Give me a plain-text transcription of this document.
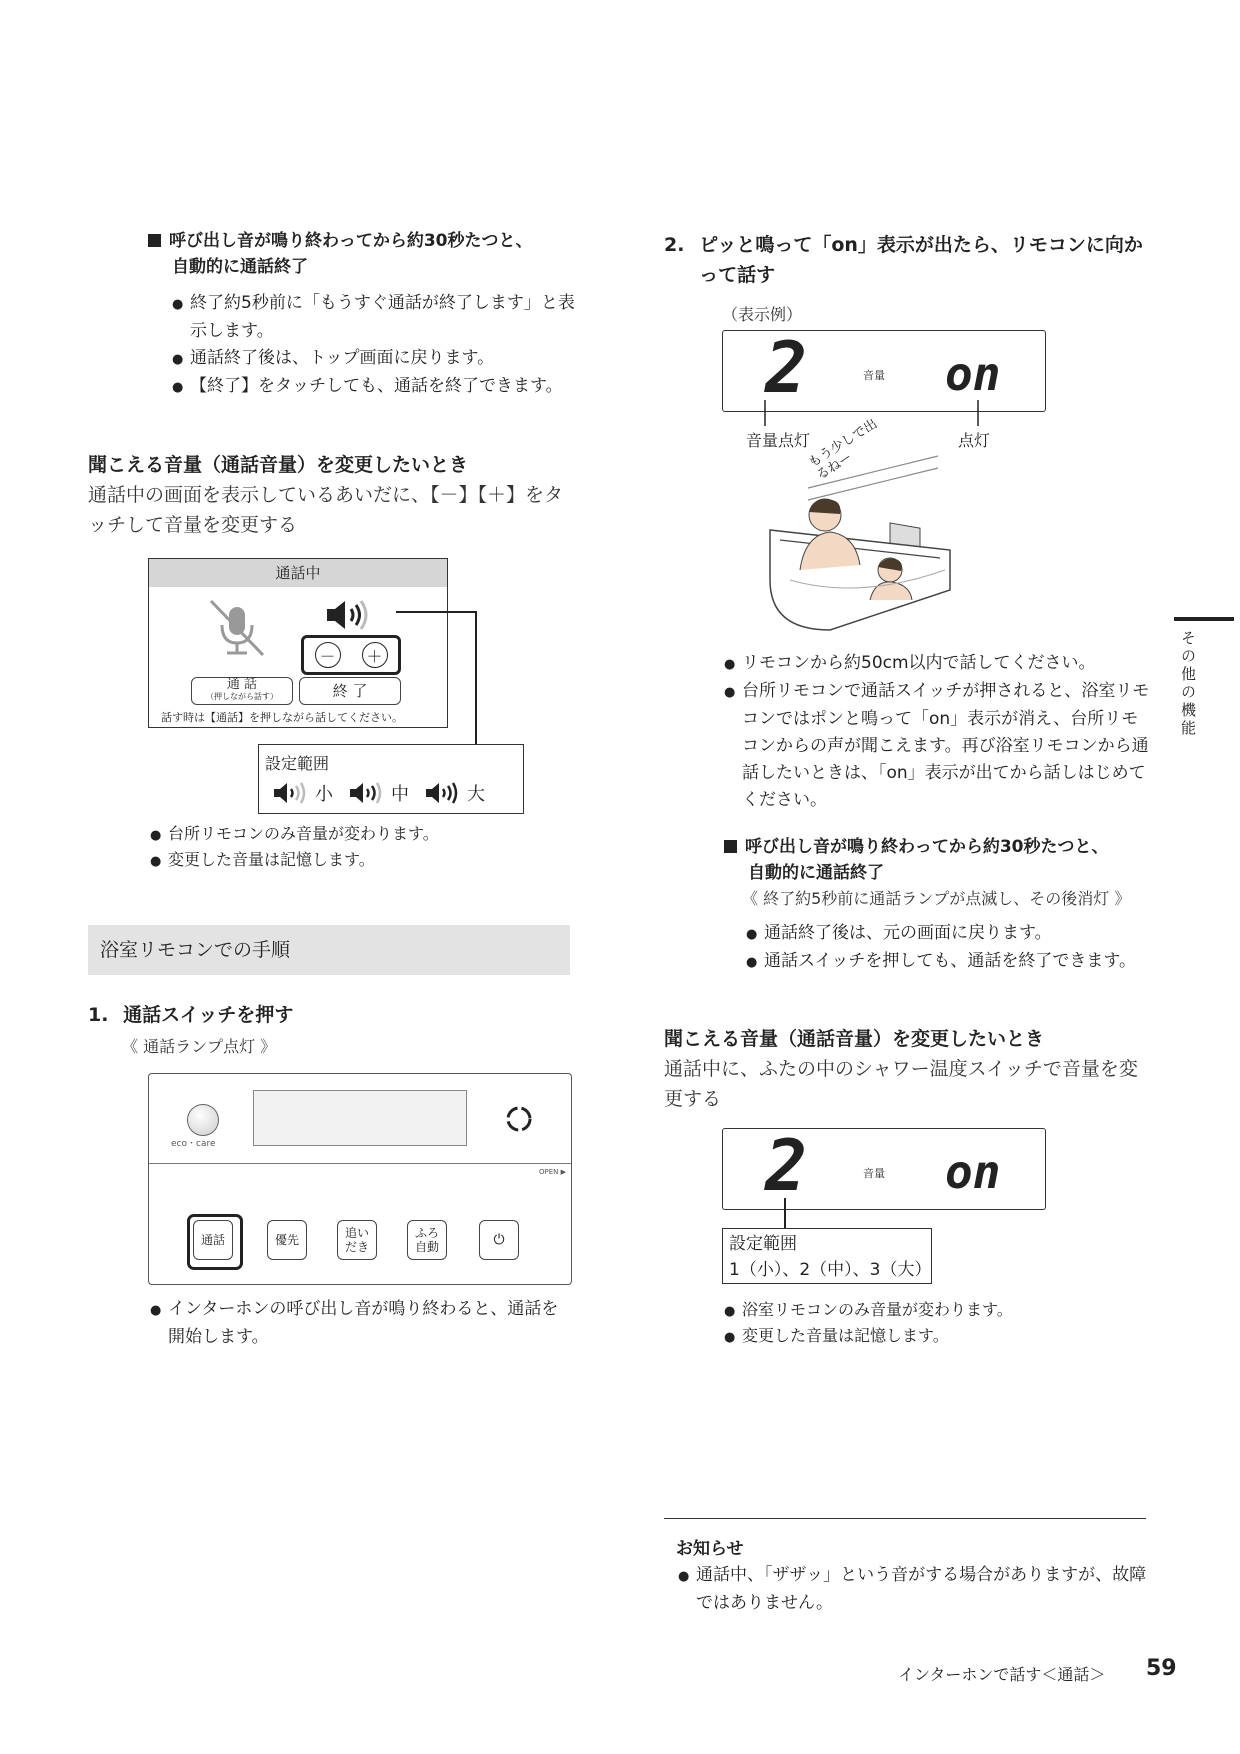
呼び出し音が鳴り終わってから約30秒たつと、
自動的に通話終了
● 終了約5秒前に「もうすぐ通話が終了します」と表示します。
● 通話終了後は、トップ画面に戻ります。
● 【終了】をタッチしても、通話を終了できます。
聞こえる音量（通話音量）を変更したいとき
通話中の画面を表示しているあいだに、【－】【＋】をタッチして音量を変更する
通話中
－	＋
通 話
（押しながら話す）	終 了
話す時は【通話】を押しながら話してください。
設定範囲
小	中	大
● 台所リモコンのみ音量が変わります。
● 変更した音量は記憶します。
浴室リモコンでの手順
1. 通話スイッチを押す
《 通話ランプ点灯 》
eco・care
OPEN ▶
通話	優先	追い
だき
ふろ
自動	⏻
● インターホンの呼び出し音が鳴り終わると、通話を開始します。
2. ピッと鳴って「on」表示が出たら、リモコンに向かって話す
（表示例）
2	音量 on
音量点灯	点灯
もう少しで出るねー
● リモコンから約50cm以内で話してください。
● 台所リモコンで通話スイッチが押されると、浴室リモコンではポンと鳴って「on」表示が消え、台所リモコンからの声が聞こえます。再び浴室リモコンから通話したいときは、「on」表示が出てから話しはじめてください。
呼び出し音が鳴り終わってから約30秒たつと、
自動的に通話終了
《 終了約5秒前に通話ランプが点滅し、その後消灯 》
● 通話終了後は、元の画面に戻ります。
● 通話スイッチを押しても、通話を終了できます。
聞こえる音量（通話音量）を変更したいとき
通話中に、ふたの中のシャワー温度スイッチで音量を変更する
2	音量 on
設定範囲
1（小）、2（中）、3（大）
● 浴室リモコンのみ音量が変わります。
● 変更した音量は記憶します。
お知らせ
● 通話中、「ザザッ」という音がする場合がありますが、故障ではありません。
その他の機能
インターホンで話す＜通話＞ 59
